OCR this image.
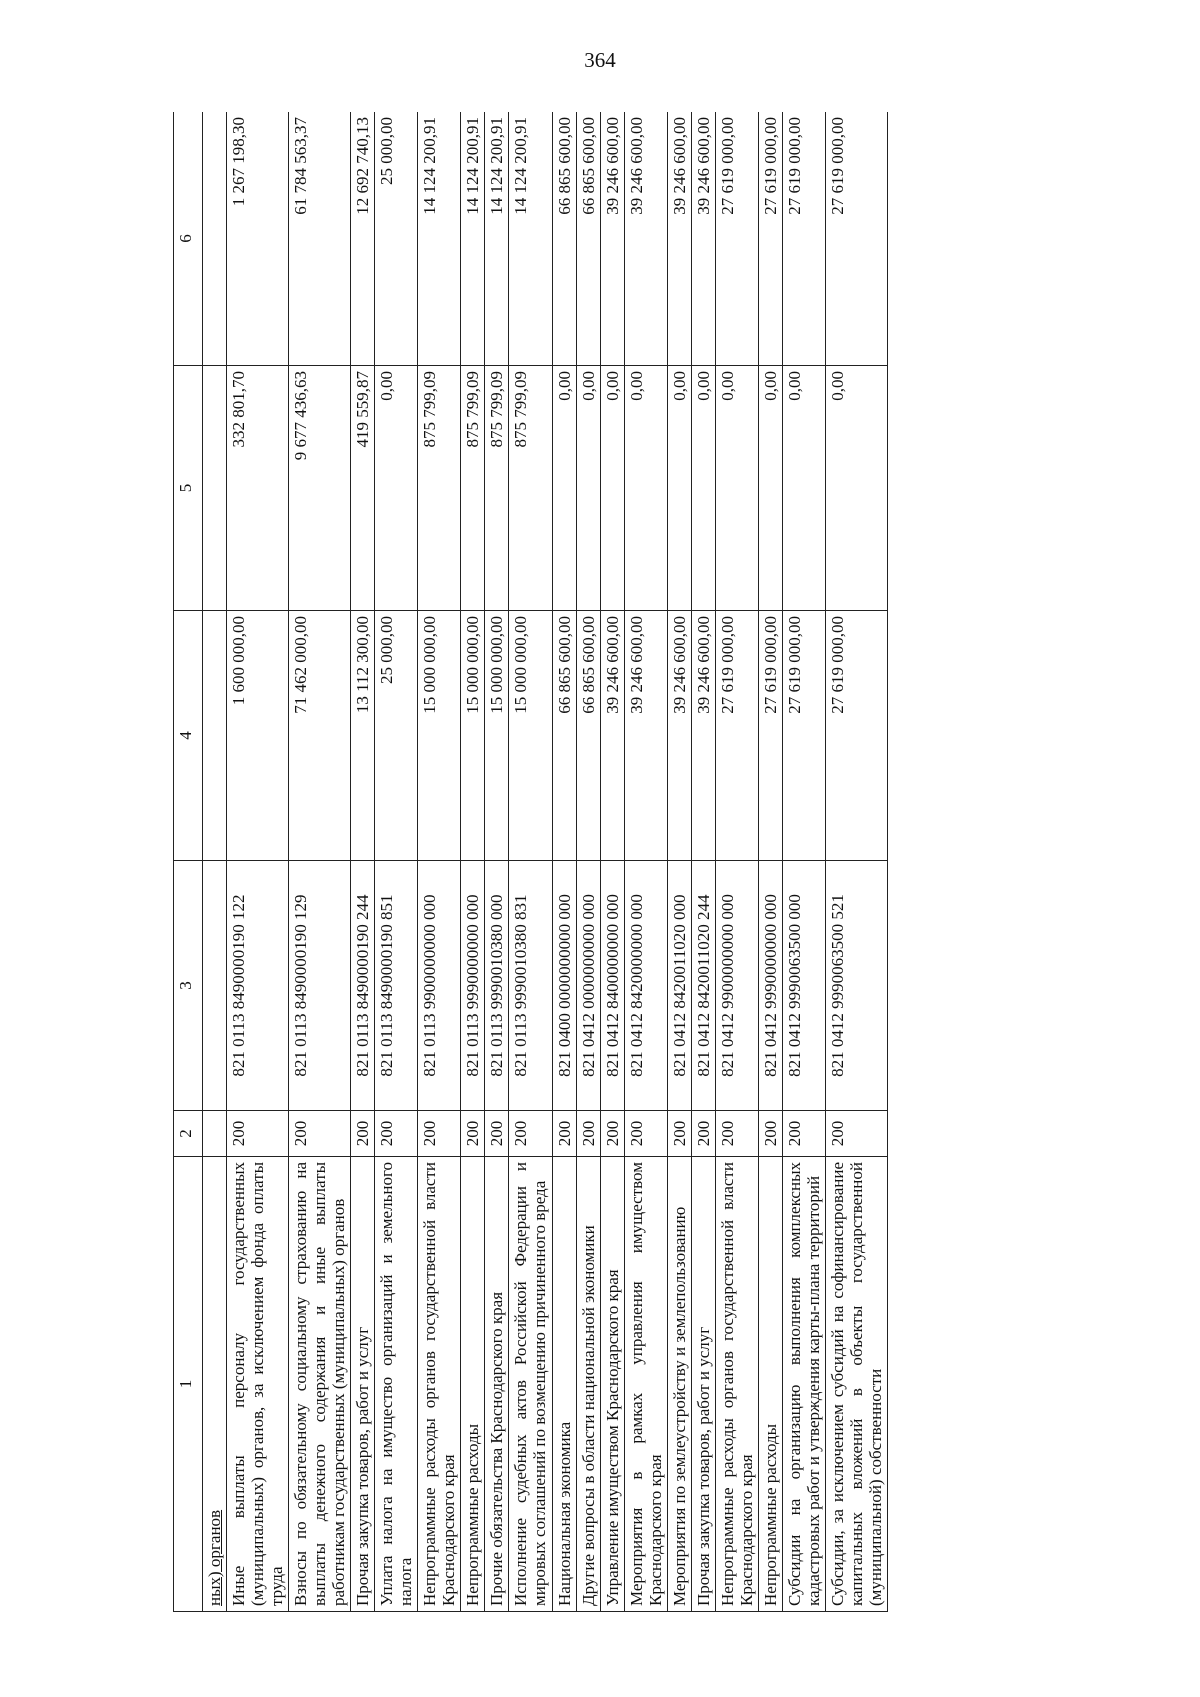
364
1	2	3	4	5	6
ных) органов					
Иные выплаты персоналу государственных (муниципальных) органов, за исключением фонда оплаты труда	200	821 0113 8490000190 122	1 600 000,00	332 801,70	1 267 198,30
Взносы по обязательному социальному страхованию на выплаты денежного содержания и иные выплаты работникам государственных (муниципальных) органов	200	821 0113 8490000190 129	71 462 000,00	9 677 436,63	61 784 563,37
Прочая закупка товаров, работ и услуг	200	821 0113 8490000190 244	13 112 300,00	419 559,87	12 692 740,13
Уплата налога на имущество организаций и земельного налога	200	821 0113 8490000190 851	25 000,00	0,00	25 000,00
Непрограммные расходы органов государственной власти Краснодарского края	200	821 0113 9900000000 000	15 000 000,00	875 799,09	14 124 200,91
Непрограммные расходы	200	821 0113 9990000000 000	15 000 000,00	875 799,09	14 124 200,91
Прочие обязательства Краснодарского края	200	821 0113 9990010380 000	15 000 000,00	875 799,09	14 124 200,91
Исполнение судебных актов Российской Федерации и мировых соглашений по возмещению причиненного вреда	200	821 0113 9990010380 831	15 000 000,00	875 799,09	14 124 200,91
Национальная экономика	200	821 0400 0000000000 000	66 865 600,00	0,00	66 865 600,00
Другие вопросы в области национальной экономики	200	821 0412 0000000000 000	66 865 600,00	0,00	66 865 600,00
Управление имуществом Краснодарского края	200	821 0412 8400000000 000	39 246 600,00	0,00	39 246 600,00
Мероприятия в рамках управления имуществом Краснодарского края	200	821 0412 8420000000 000	39 246 600,00	0,00	39 246 600,00
Мероприятия по землеустройству и землепользованию	200	821 0412 8420011020 000	39 246 600,00	0,00	39 246 600,00
Прочая закупка товаров, работ и услуг	200	821 0412 8420011020 244	39 246 600,00	0,00	39 246 600,00
Непрограммные расходы органов государственной власти Краснодарского края	200	821 0412 9900000000 000	27 619 000,00	0,00	27 619 000,00
Непрограммные расходы	200	821 0412 9990000000 000	27 619 000,00	0,00	27 619 000,00
Субсидии на организацию выполнения комплексных кадастровых работ и утверждения карты-плана территорий	200	821 0412 9990063500 000	27 619 000,00	0,00	27 619 000,00
Субсидии, за исключением субсидий на софинансирование капитальных вложений в объекты государственной (муниципальной) собственности	200	821 0412 9990063500 521	27 619 000,00	0,00	27 619 000,00
